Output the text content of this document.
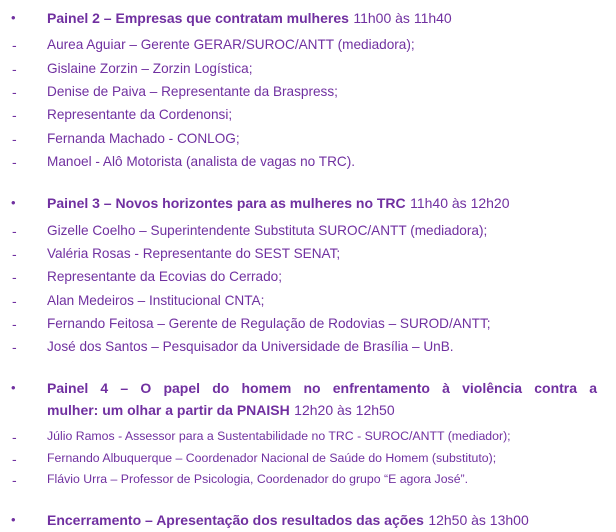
• Painel 2 – Empresas que contratam mulheres 11h00 às 11h40
- Aurea Aguiar – Gerente GERAR/SUROC/ANTT (mediadora);
- Gislaine Zorzin – Zorzin Logística;
- Denise de Paiva – Representante da Braspress;
- Representante da Cordenonsi;
- Fernanda Machado - CONLOG;
- Manoel - Alô Motorista (analista de vagas no TRC).
• Painel 3 – Novos horizontes para as mulheres no TRC 11h40 às 12h20
- Gizelle Coelho – Superintendente Substituta SUROC/ANTT (mediadora);
- Valéria Rosas - Representante do SEST SENAT;
- Representante da Ecovias do Cerrado;
- Alan Medeiros – Institucional CNTA;
- Fernando Feitosa – Gerente de Regulação de Rodovias – SUROD/ANTT;
- José dos Santos – Pesquisador da Universidade de Brasília – UnB.
• Painel 4 – O papel do homem no enfrentamento à violência contra a
mulher: um olhar a partir da PNAISH 12h20 às 12h50
- Júlio Ramos - Assessor para a Sustentabilidade no TRC - SUROC/ANTT (mediador);
- Fernando Albuquerque – Coordenador Nacional de Saúde do Homem (substituto);
- Flávio Urra – Professor de Psicologia, Coordenador do grupo “E agora José”.
• Encerramento – Apresentação dos resultados das ações 12h50 às 13h00
